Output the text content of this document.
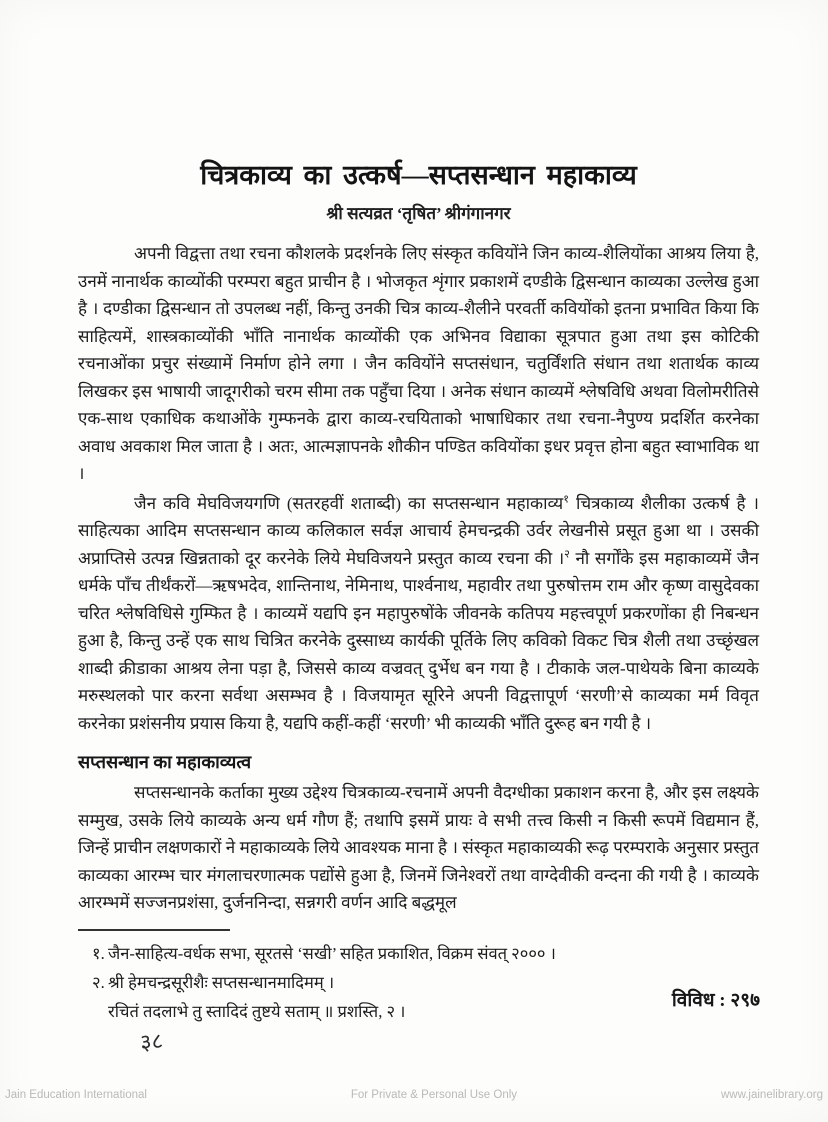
चित्रकाव्य का उत्कर्ष—सप्तसन्धान महाकाव्य
श्री सत्यव्रत ‘तृषित’ श्रीगंगानगर

अपनी विद्वत्ता तथा रचना कौशलके प्रदर्शनके लिए संस्कृत कवियोंने जिन काव्य-शैलियोंका आश्रय लिया है, उनमें नानार्थक काव्योंकी परम्परा बहुत प्राचीन है । भोजकृत शृंगार प्रकाशमें दण्डीके द्विसन्धान काव्यका उल्लेख हुआ है । दण्डीका द्विसन्धान तो उपलब्ध नहीं, किन्तु उनकी चित्र काव्य-शैलीने परवर्ती कवियोंको इतना प्रभावित किया कि साहित्यमें, शास्त्रकाव्योंकी भाँति नानार्थक काव्योंकी एक अभिनव विद्याका सूत्रपात हुआ तथा इस कोटिकी रचनाओंका प्रचुर संख्यामें निर्माण होने लगा । जैन कवियोंने सप्तसंधान, चतुर्विंशति संधान तथा शतार्थक काव्य लिखकर इस भाषायी जादूगरीको चरम सीमा तक पहुँचा दिया । अनेक संधान काव्यमें श्लेषविधि अथवा विलोमरीतिसे एक-साथ एकाधिक कथाओंके गुम्फनके द्वारा काव्य-रचयिताको भाषाधिकार तथा रचना-नैपुण्य प्रदर्शित करनेका अवाध अवकाश मिल जाता है । अतः, आत्मज्ञापनके शौकीन पण्डित कवियोंका इधर प्रवृत्त होना बहुत स्वाभाविक था ।

जैन कवि मेघविजयगणि (सतरहवीं शताब्दी) का सप्तसन्धान महाकाव्य$^१$ चित्रकाव्य शैलीका उत्कर्ष है । साहित्यका आदिम सप्तसन्धान काव्य कलिकाल सर्वज्ञ आचार्य हेमचन्द्रकी उर्वर लेखनीसे प्रसूत हुआ था । उसकी अप्राप्तिसे उत्पन्न खिन्नताको दूर करनेके लिये मेघविजयने प्रस्तुत काव्य रचना की ।$^२$ नौ सर्गोंके इस महाकाव्यमें जैन धर्मके पाँच तीर्थंकरों—ऋषभदेव, शान्तिनाथ, नेमिनाथ, पार्श्वनाथ, महावीर तथा पुरुषोत्तम राम और कृष्ण वासुदेवका चरित श्लेषविधिसे गुम्फित है । काव्यमें यद्यपि इन महापुरुषोंके जीवनके कतिपय महत्त्वपूर्ण प्रकरणोंका ही निबन्धन हुआ है, किन्तु उन्हें एक साथ चित्रित करनेके दुस्साध्य कार्यकी पूर्तिके लिए कविको विकट चित्र शैली तथा उच्छृंखल शाब्दी क्रीडाका आश्रय लेना पड़ा है, जिससे काव्य वज्रवत् दुर्भेध बन गया है । टीकाके जल-पाथेयके बिना काव्यके मरुस्थलको पार करना सर्वथा असम्भव है । विजयामृत सूरिने अपनी विद्वत्तापूर्ण ‘सरणी’से काव्यका मर्म विवृत करनेका प्रशंसनीय प्रयास किया है, यद्यपि कहीं-कहीं ‘सरणी’ भी काव्यकी भाँति दुरूह बन गयी है ।

सप्तसन्धान का महाकाव्यत्व

सप्तसन्धानके कर्ताका मुख्य उद्देश्य चित्रकाव्य-रचनामें अपनी वैदग्धीका प्रकाशन करना है, और इस लक्ष्यके सम्मुख, उसके लिये काव्यके अन्य धर्म गौण हैं; तथापि इसमें प्रायः वे सभी तत्त्व किसी न किसी रूपमें विद्यमान हैं, जिन्हें प्राचीन लक्षणकारों ने महाकाव्यके लिये आवश्यक माना है । संस्कृत महाकाव्यकी रूढ़ परम्पराके अनुसार प्रस्तुत काव्यका आरम्भ चार मंगलाचरणात्मक पद्योंसे हुआ है, जिनमें जिनेश्वरों तथा वाग्देवीकी वन्दना की गयी है । काव्यके आरम्भमें सज्जनप्रशंसा, दुर्जननिन्दा, सन्नगरी वर्णन आदि बद्धमूल

१. जैन-साहित्य-वर्धक सभा, सूरतसे ‘सखी’ सहित प्रकाशित, विक्रम संवत् २००० ।
२. श्री हेमचन्द्रसूरीशैः सप्तसन्धानमादिमम् ।
रचितं तदलाभे तु स्तादिदं तुष्टये सताम् ॥ प्रशस्ति, २ ।	विविध : २९७
३८
Jain Education International	For Private & Personal Use Only	www.jainelibrary.org
